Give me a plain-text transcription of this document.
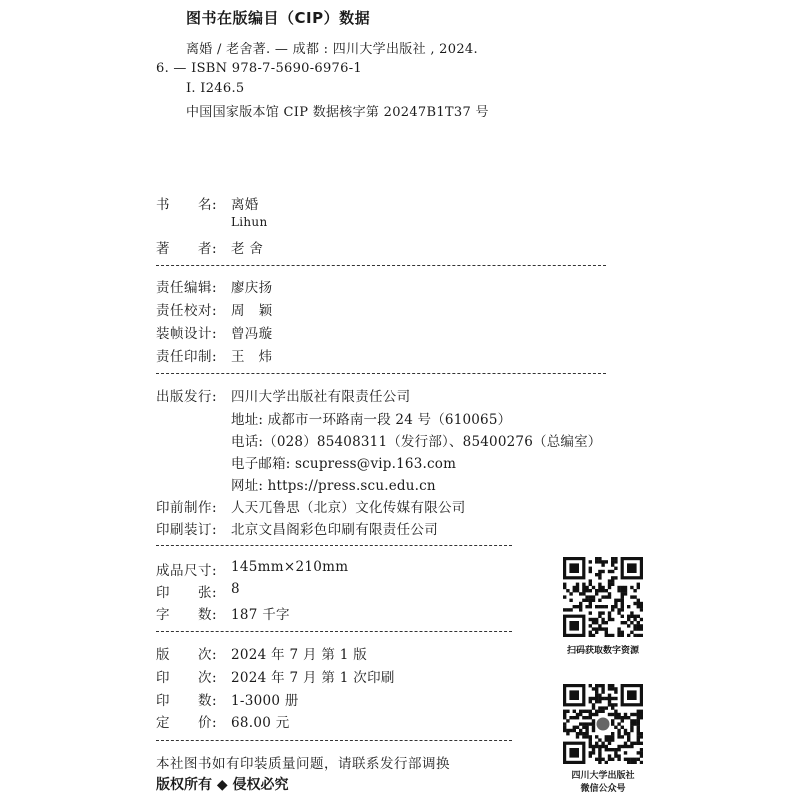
图书在版编目（CIP）数据
离婚 / 老舍著. — 成都 : 四川大学出版社 , 2024.
6. — ISBN 978-7-5690-6976-1
Ⅰ. I246.5
中国国家版本馆 CIP 数据核字第 20247B1T37 号
书　　名: 离婚
Lihun
著　　者: 老 舍
责任编辑: 廖庆扬
责任校对: 周　颖
装帧设计: 曾冯璇
责任印制: 王　炜
出版发行: 四川大学出版社有限责任公司
地址: 成都市一环路南一段 24 号（610065）
电话:（028）85408311（发行部）、85400276（总编室）
电子邮箱: scupress@vip.163.com
网址: https://press.scu.edu.cn
印前制作: 人天兀鲁思（北京）文化传媒有限公司
印刷装订: 北京文昌阁彩色印刷有限责任公司
成品尺寸: 145mm×210mm
印　　张: 8
字　　数: 187 千字
版　　次: 2024 年 7 月 第 1 版
印　　次: 2024 年 7 月 第 1 次印刷
印　　数: 1-3000 册
定　　价: 68.00 元
本社图书如有印装质量问题，请联系发行部调换
版权所有 ◆ 侵权必究
扫码获取数字资源
四川大学出版社
微信公众号
